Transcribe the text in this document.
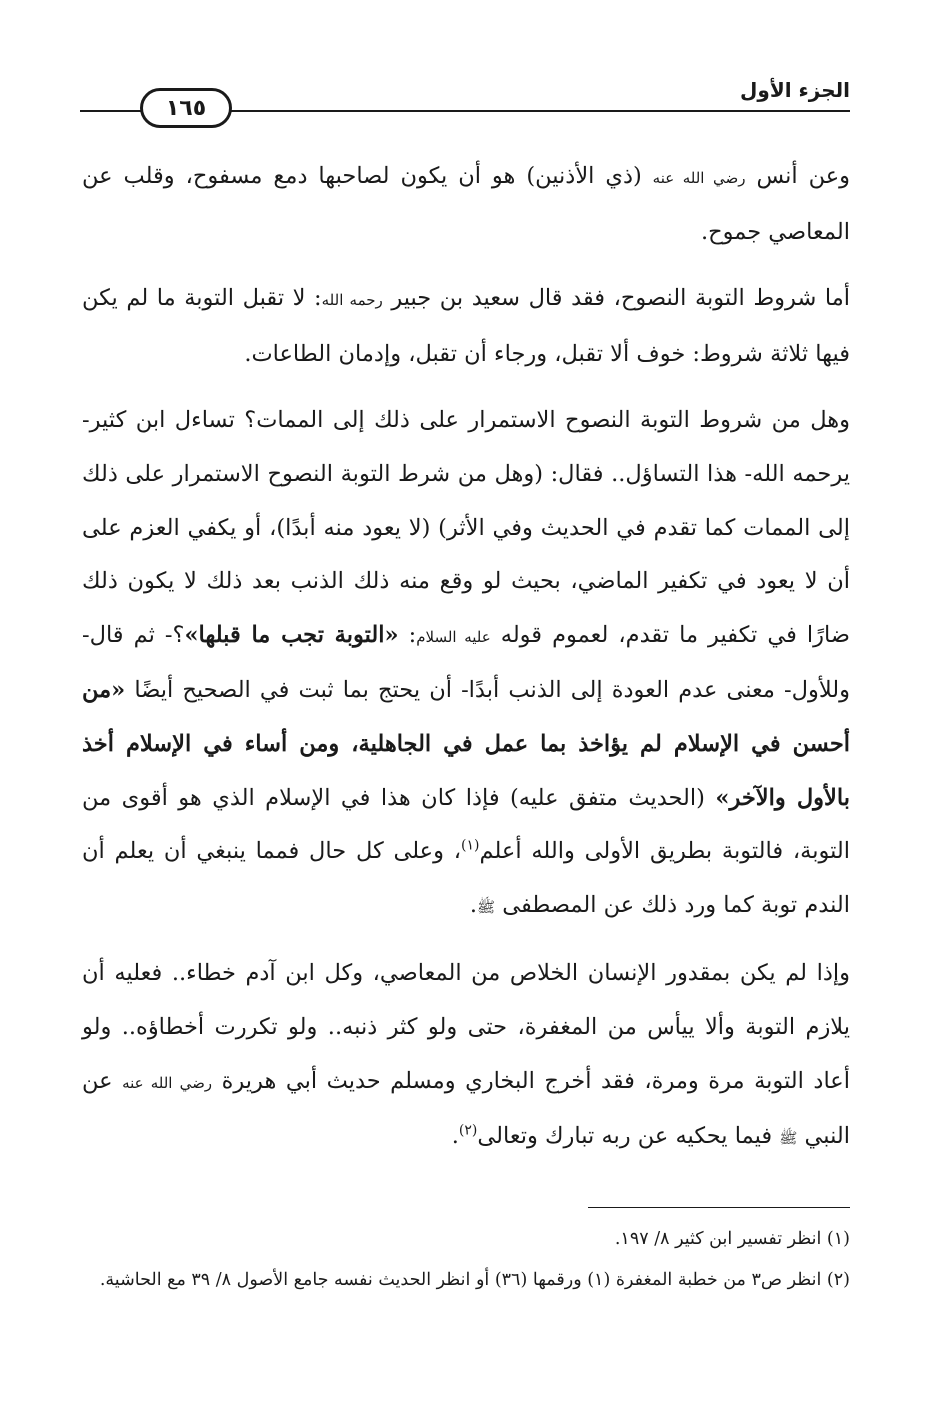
الجزء الأول
١٦٥

وعن أنس رضي الله عنه (ذي الأذنين) هو أن يكون لصاحبها دمع مسفوح، وقلب عن المعاصي جموح.

أما شروط التوبة النصوح، فقد قال سعيد بن جبير رحمه الله: لا تقبل التوبة ما لم يكن فيها ثلاثة شروط: خوف ألا تقبل، ورجاء أن تقبل، وإدمان الطاعات.

وهل من شروط التوبة النصوح الاستمرار على ذلك إلى الممات؟ تساءل ابن كثير- يرحمه الله- هذا التساؤل.. فقال: (وهل من شرط التوبة النصوح الاستمرار على ذلك إلى الممات كما تقدم في الحديث وفي الأثر) (لا يعود منه أبدًا)، أو يكفي العزم على أن لا يعود في تكفير الماضي، بحيث لو وقع منه ذلك الذنب بعد ذلك لا يكون ذلك ضارًا في تكفير ما تقدم، لعموم قوله عليه السلام: «التوبة تجب ما قبلها»؟- ثم قال- وللأول- معنى عدم العودة إلى الذنب أبدًا- أن يحتج بما ثبت في الصحيح أيضًا «من أحسن في الإسلام لم يؤاخذ بما عمل في الجاهلية، ومن أساء في الإسلام أخذ بالأول والآخر» (الحديث متفق عليه) فإذا كان هذا في الإسلام الذي هو أقوى من التوبة، فالتوبة بطريق الأولى والله أعلم$^{(١)}$، وعلى كل حال فمما ينبغي أن يعلم أن الندم توبة كما ورد ذلك عن المصطفى ﷺ.

وإذا لم يكن بمقدور الإنسان الخلاص من المعاصي، وكل ابن آدم خطاء.. فعليه أن يلازم التوبة وألا ييأس من المغفرة، حتى ولو كثر ذنبه.. ولو تكررت أخطاؤه.. ولو أعاد التوبة مرة ومرة، فقد أخرج البخاري ومسلم حديث أبي هريرة رضي الله عنه عن النبي ﷺ فيما يحكيه عن ربه تبارك وتعالى$^{(٢)}$.

(١) انظر تفسير ابن كثير ٨/ ١٩٧.

(٢) انظر ص٣ من خطبة المغفرة (١) ورقمها (٣٦) أو انظر الحديث نفسه جامع الأصول ٨/ ٣٩ مع الحاشية.
